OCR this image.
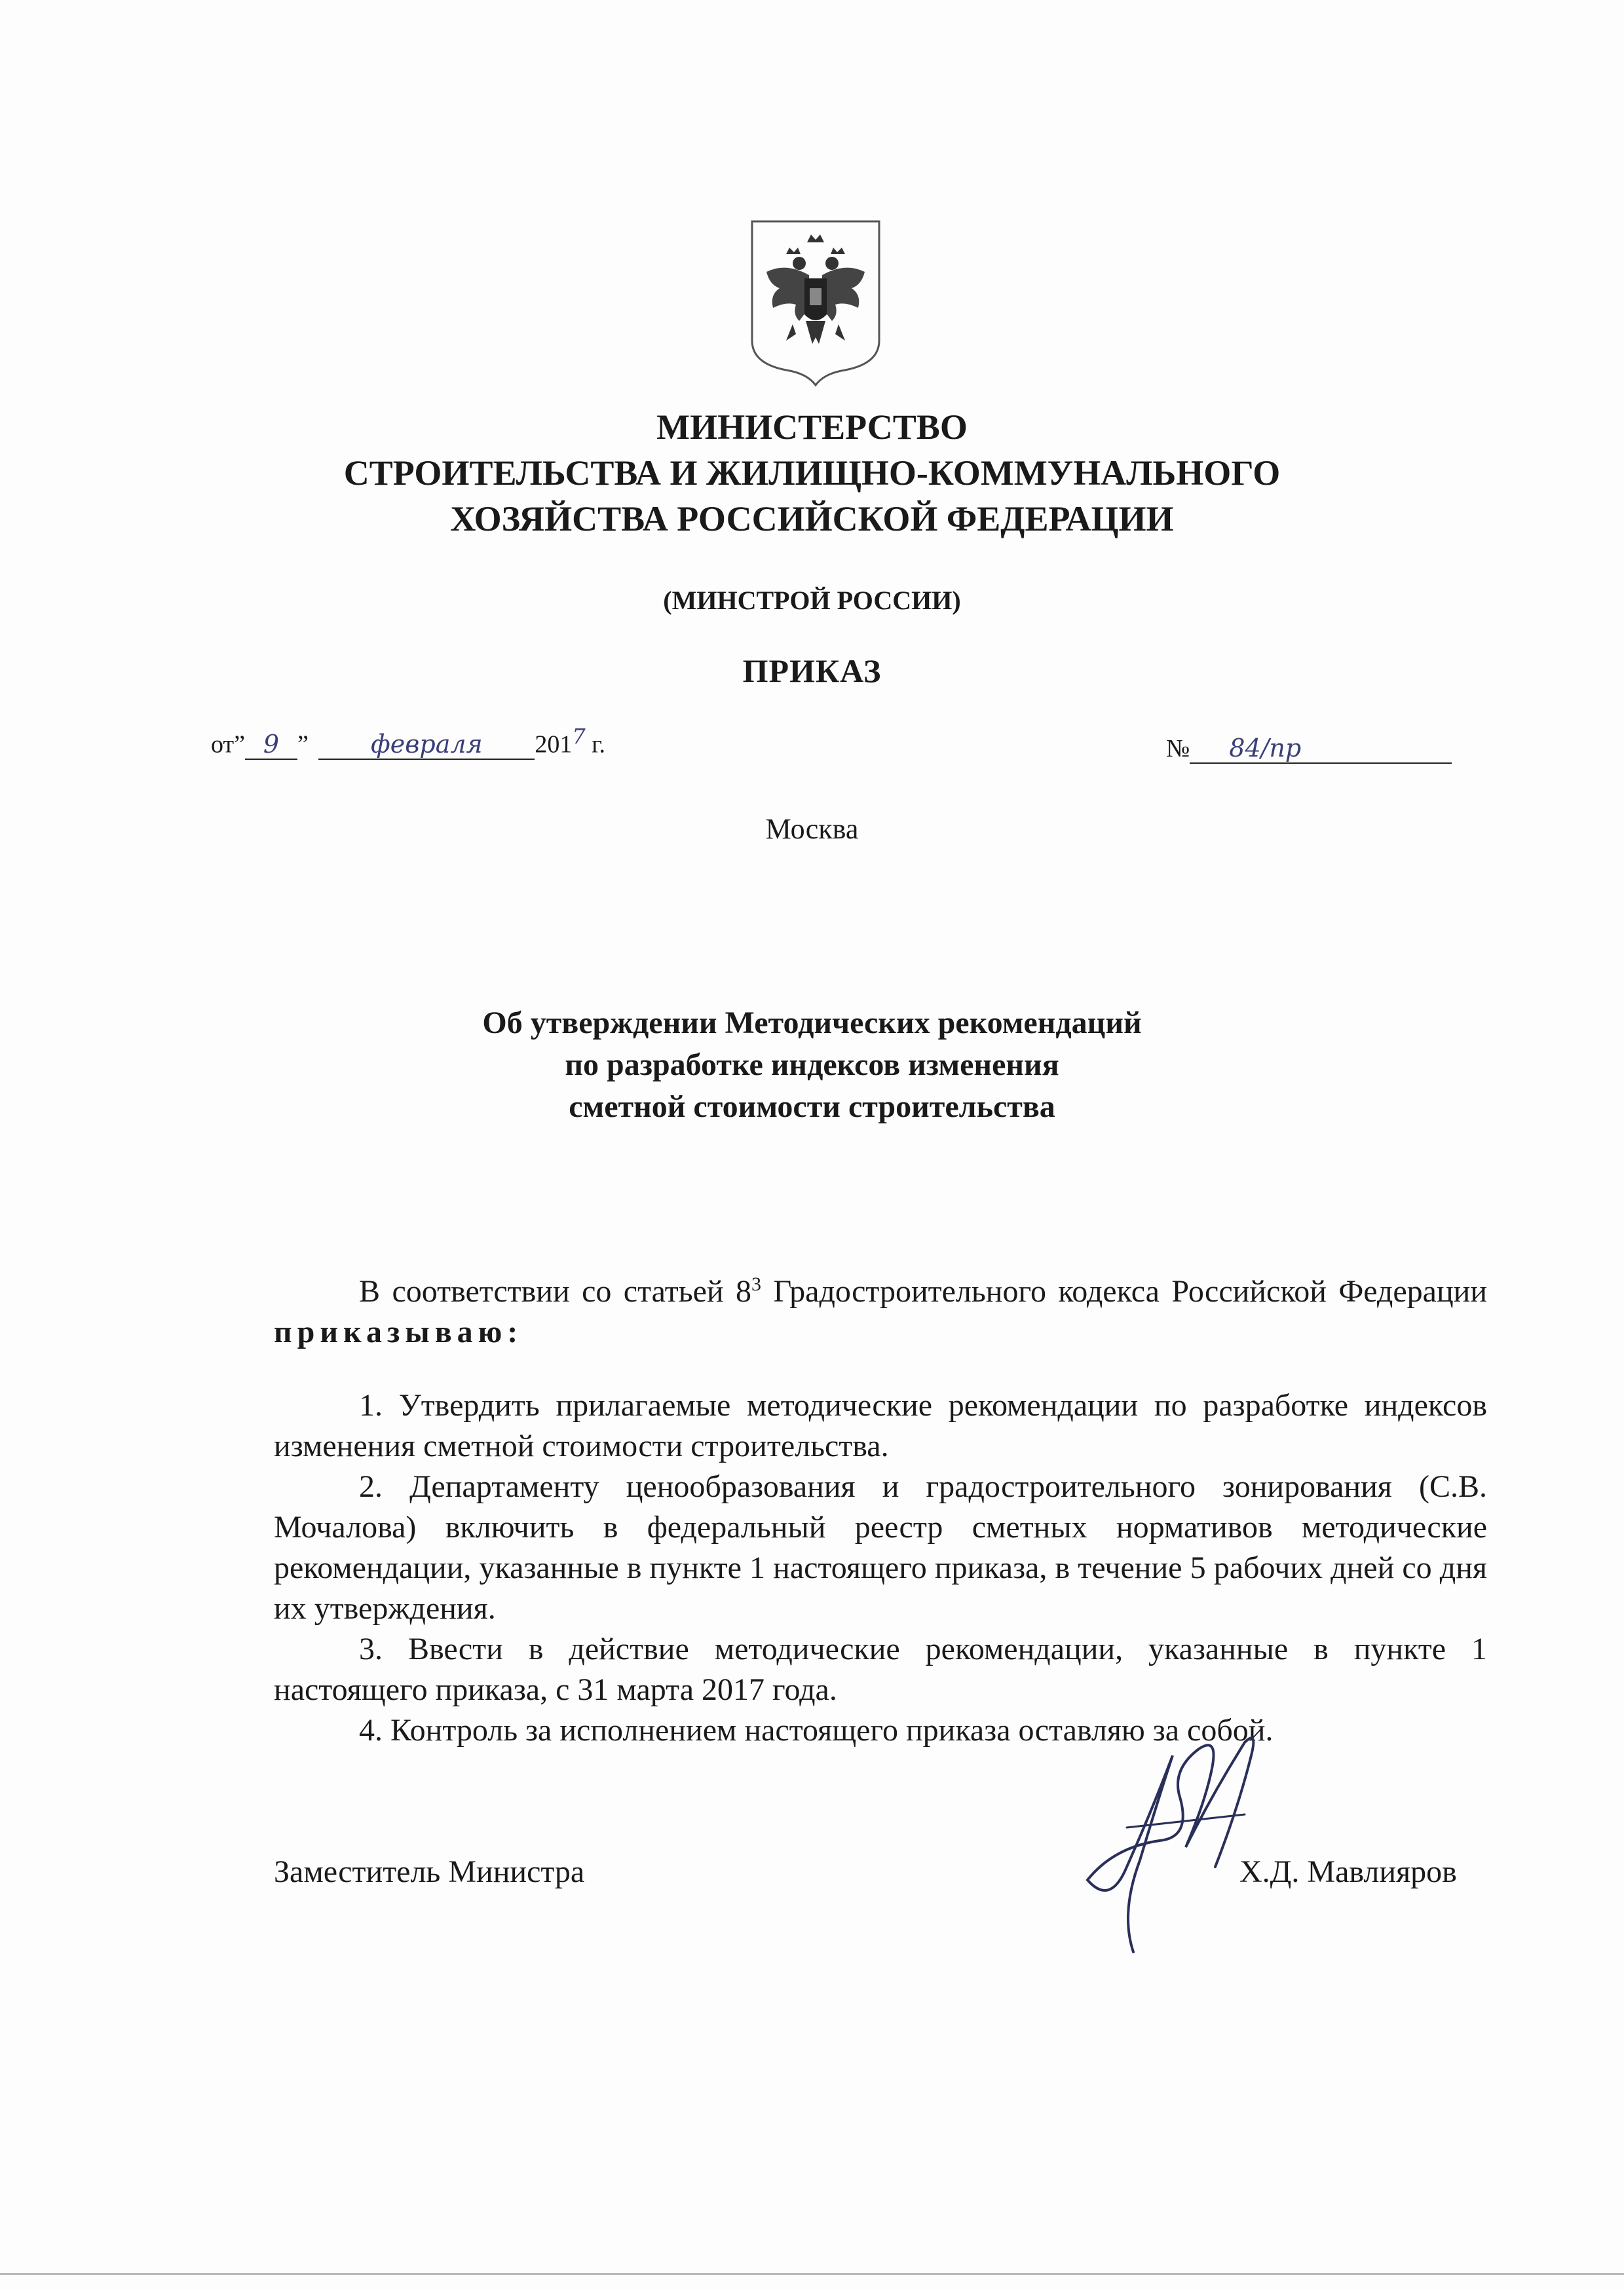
МИНИСТЕРСТВО
СТРОИТЕЛЬСТВА И ЖИЛИЩНО-КОММУНАЛЬНОГО
ХОЗЯЙСТВА РОССИЙСКОЙ ФЕДЕРАЦИИ
(МИНСТРОЙ РОССИИ)
ПРИКАЗ
от” 9 ” февраля $201^7$ г.	№ 84/пр
Москва
Об утверждении Методических рекомендаций
по разработке индексов изменения
сметной стоимости строительства

В соответствии со статьей $8^3$ Градостроительного кодекса Российской Федерации приказываю:

1. Утвердить прилагаемые методические рекомендации по разработке индексов изменения сметной стоимости строительства.

2. Департаменту ценообразования и градостроительного зонирования (С.В. Мочалова) включить в федеральный реестр сметных нормативов методические рекомендации, указанные в пункте 1 настоящего приказа, в течение 5 рабочих дней со дня их утверждения.

3. Ввести в действие методические рекомендации, указанные в пункте 1 настоящего приказа, с 31 марта 2017 года.

4. Контроль за исполнением настоящего приказа оставляю за собой.

Заместитель Министра	Х.Д. Мавлияров
